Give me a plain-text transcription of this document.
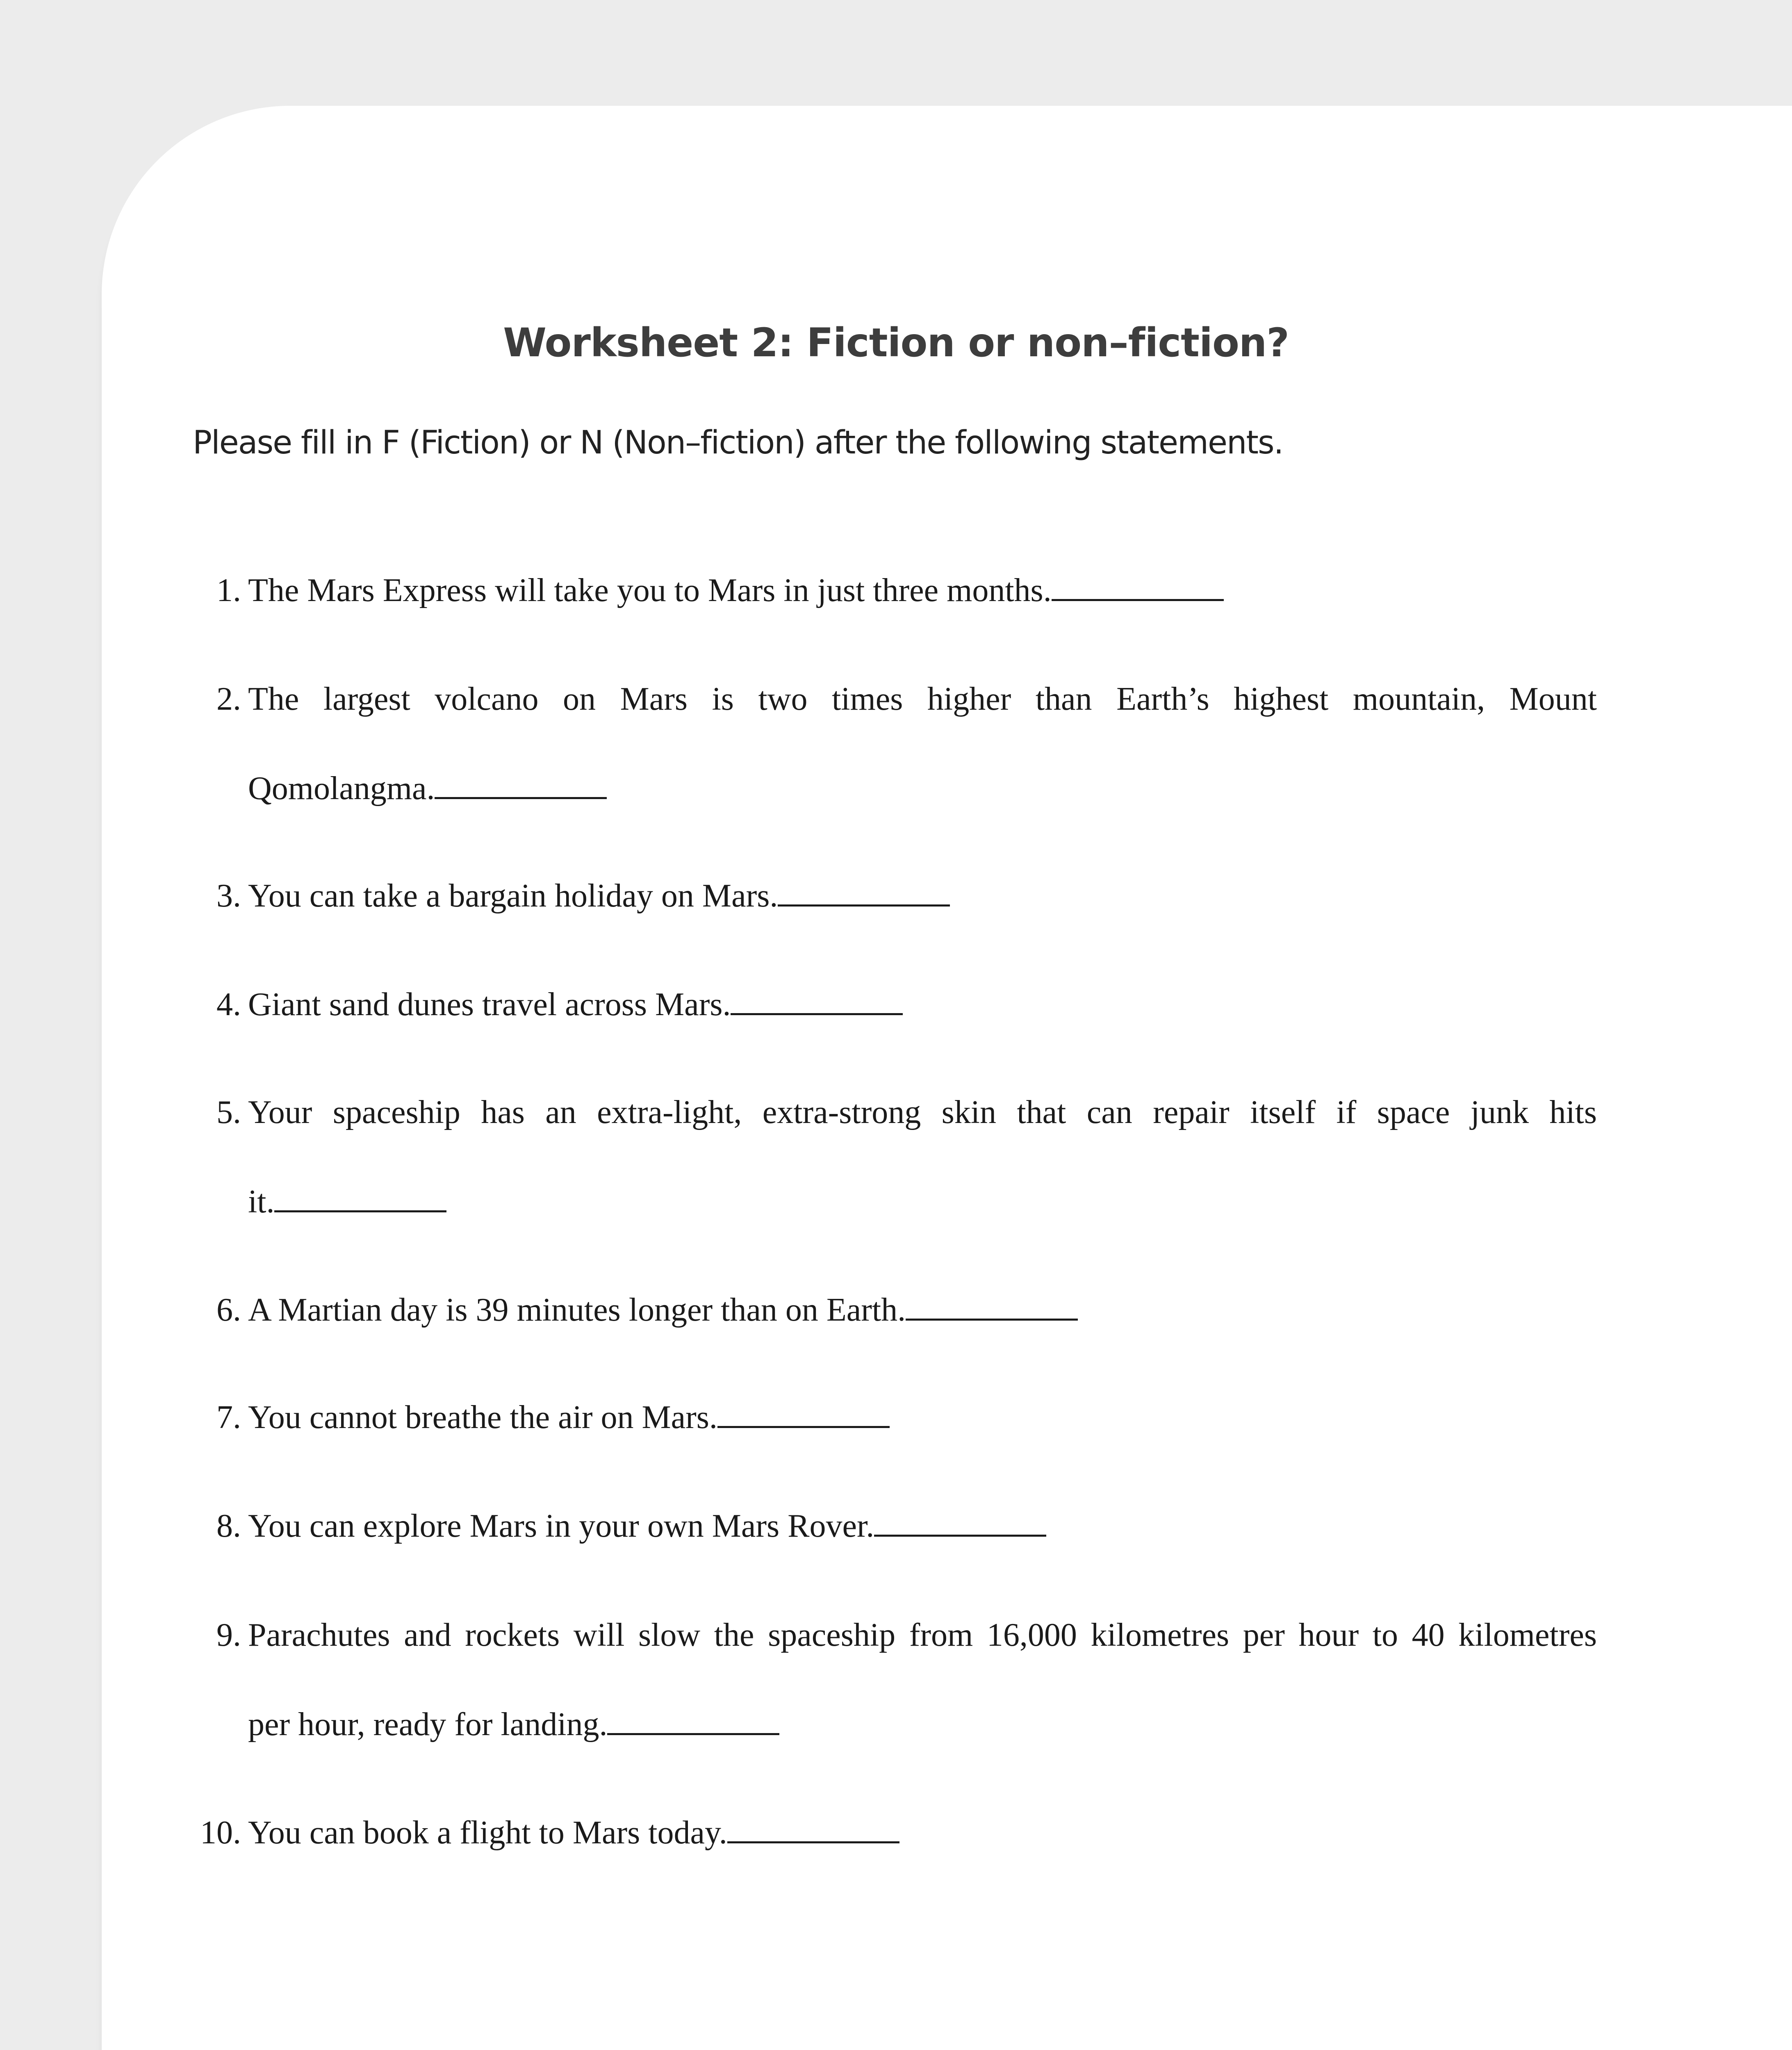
Worksheet 2: Fiction or non–fiction?

Please fill in F (Fiction) or N (Non–fiction) after the following statements.

1. The Mars Express will take you to Mars in just three months.
2. The largest volcano on Mars is two times higher than Earth’s highest mountain, Mount
Qomolangma.
3. You can take a bargain holiday on Mars.
4. Giant sand dunes travel across Mars.
5. Your spaceship has an extra-light, extra-strong skin that can repair itself if space junk hits
it.
6. A Martian day is 39 minutes longer than on Earth.
7. You cannot breathe the air on Mars.
8. You can explore Mars in your own Mars Rover.
9. Parachutes and rockets will slow the spaceship from 16,000 kilometres per hour to 40 kilometres
per hour, ready for landing.
10. You can book a flight to Mars today.
